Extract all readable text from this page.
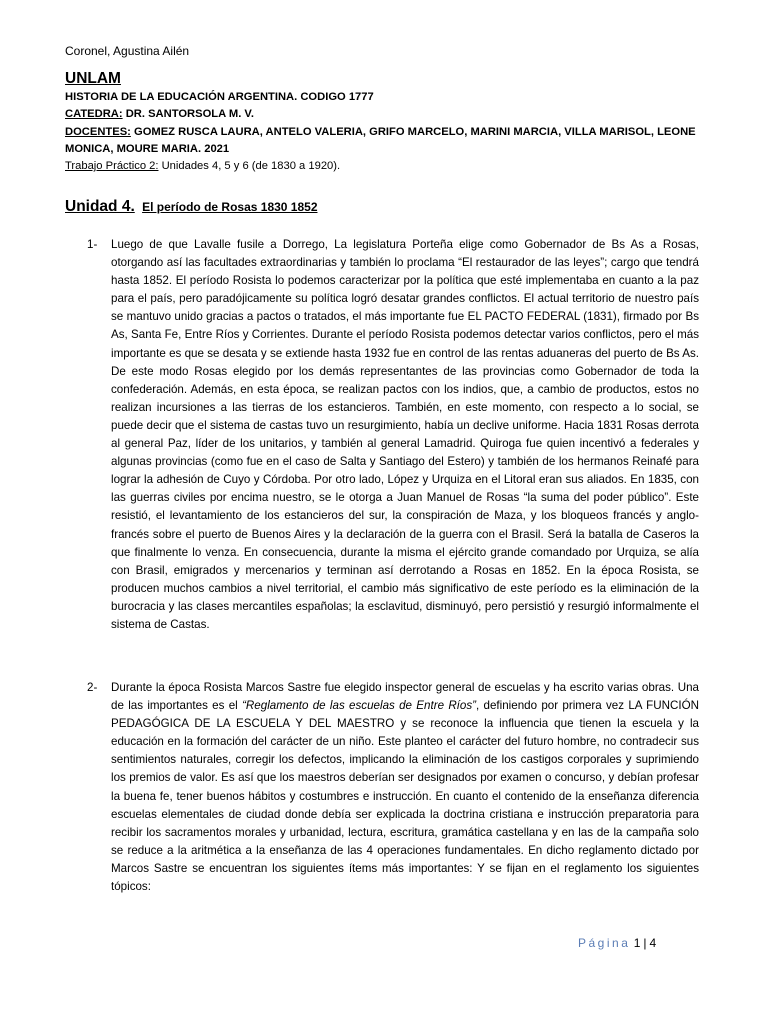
Coronel, Agustina Ailén
UNLAM
HISTORIA DE LA EDUCACIÓN ARGENTINA. CODIGO 1777
CATEDRA: DR. SANTORSOLA M. V.
DOCENTES: GOMEZ RUSCA LAURA, ANTELO VALERIA, GRIFO MARCELO, MARINI MARCIA, VILLA MARISOL, LEONE MONICA, MOURE MARIA. 2021
Trabajo Práctico 2: Unidades 4, 5 y 6 (de 1830 a 1920).
Unidad 4. El período de Rosas 1830 1852
1- Luego de que Lavalle fusile a Dorrego, La legislatura Porteña elige como Gobernador de Bs As a Rosas, otorgando así las facultades extraordinarias y también lo proclama “El restaurador de las leyes”; cargo que tendrá hasta 1852. El período Rosista lo podemos caracterizar por la política que esté implementaba en cuanto a la paz para el país, pero paradójicamente su política logró desatar grandes conflictos. El actual territorio de nuestro país se mantuvo unido gracias a pactos o tratados, el más importante fue EL PACTO FEDERAL (1831), firmado por Bs As, Santa Fe, Entre Ríos y Corrientes. Durante el período Rosista podemos detectar varios conflictos, pero el más importante es que se desata y se extiende hasta 1932 fue en control de las rentas aduaneras del puerto de Bs As. De este modo Rosas elegido por los demás representantes de las provincias como Gobernador de toda la confederación. Además, en esta época, se realizan pactos con los indios, que, a cambio de productos, estos no realizan incursiones a las tierras de los estancieros. También, en este momento, con respecto a lo social, se puede decir que el sistema de castas tuvo un resurgimiento, había un declive uniforme. Hacia 1831 Rosas derrota al general Paz, líder de los unitarios, y también al general Lamadrid. Quiroga fue quien incentivó a federales y algunas provincias (como fue en el caso de Salta y Santiago del Estero) y también de los hermanos Reinafé para lograr la adhesión de Cuyo y Córdoba. Por otro lado, López y Urquiza en el Litoral eran sus aliados. En 1835, con las guerras civiles por encima nuestro, se le otorga a Juan Manuel de Rosas “la suma del poder público”. Este resistió, el levantamiento de los estancieros del sur, la conspiración de Maza, y los bloqueos francés y anglo-francés sobre el puerto de Buenos Aires y la declaración de la guerra con el Brasil. Será la batalla de Caseros la que finalmente lo venza. En consecuencia, durante la misma el ejército grande comandado por Urquiza, se alía con Brasil, emigrados y mercenarios y terminan así derrotando a Rosas en 1852. En la época Rosista, se producen muchos cambios a nivel territorial, el cambio más significativo de este período es la eliminación de la burocracia y las clases mercantiles españolas; la esclavitud, disminuyó, pero persistió y resurgió informalmente el sistema de Castas.
2- Durante la época Rosista Marcos Sastre fue elegido inspector general de escuelas y ha escrito varias obras. Una de las importantes es el “Reglamento de las escuelas de Entre Ríos”, definiendo por primera vez LA FUNCIÓN PEDAGÓGICA DE LA ESCUELA Y DEL MAESTRO y se reconoce la influencia que tienen la escuela y la educación en la formación del carácter de un niño. Este planteo el carácter del futuro hombre, no contradecir sus sentimientos naturales, corregir los defectos, implicando la eliminación de los castigos corporales y suprimiendo los premios de valor. Es así que los maestros deberían ser designados por examen o concurso, y debían profesar la buena fe, tener buenos hábitos y costumbres e instrucción. En cuanto el contenido de la enseñanza diferencia escuelas elementales de ciudad donde debía ser explicada la doctrina cristiana e instrucción preparatoria para recibir los sacramentos morales y urbanidad, lectura, escritura, gramática castellana y en las de la campaña solo se reduce a la aritmética a la enseñanza de las 4 operaciones fundamentales. En dicho reglamento dictado por Marcos Sastre se encuentran los siguientes ítems más importantes: Y se fijan en el reglamento los siguientes tópicos:
Página 1 | 4
